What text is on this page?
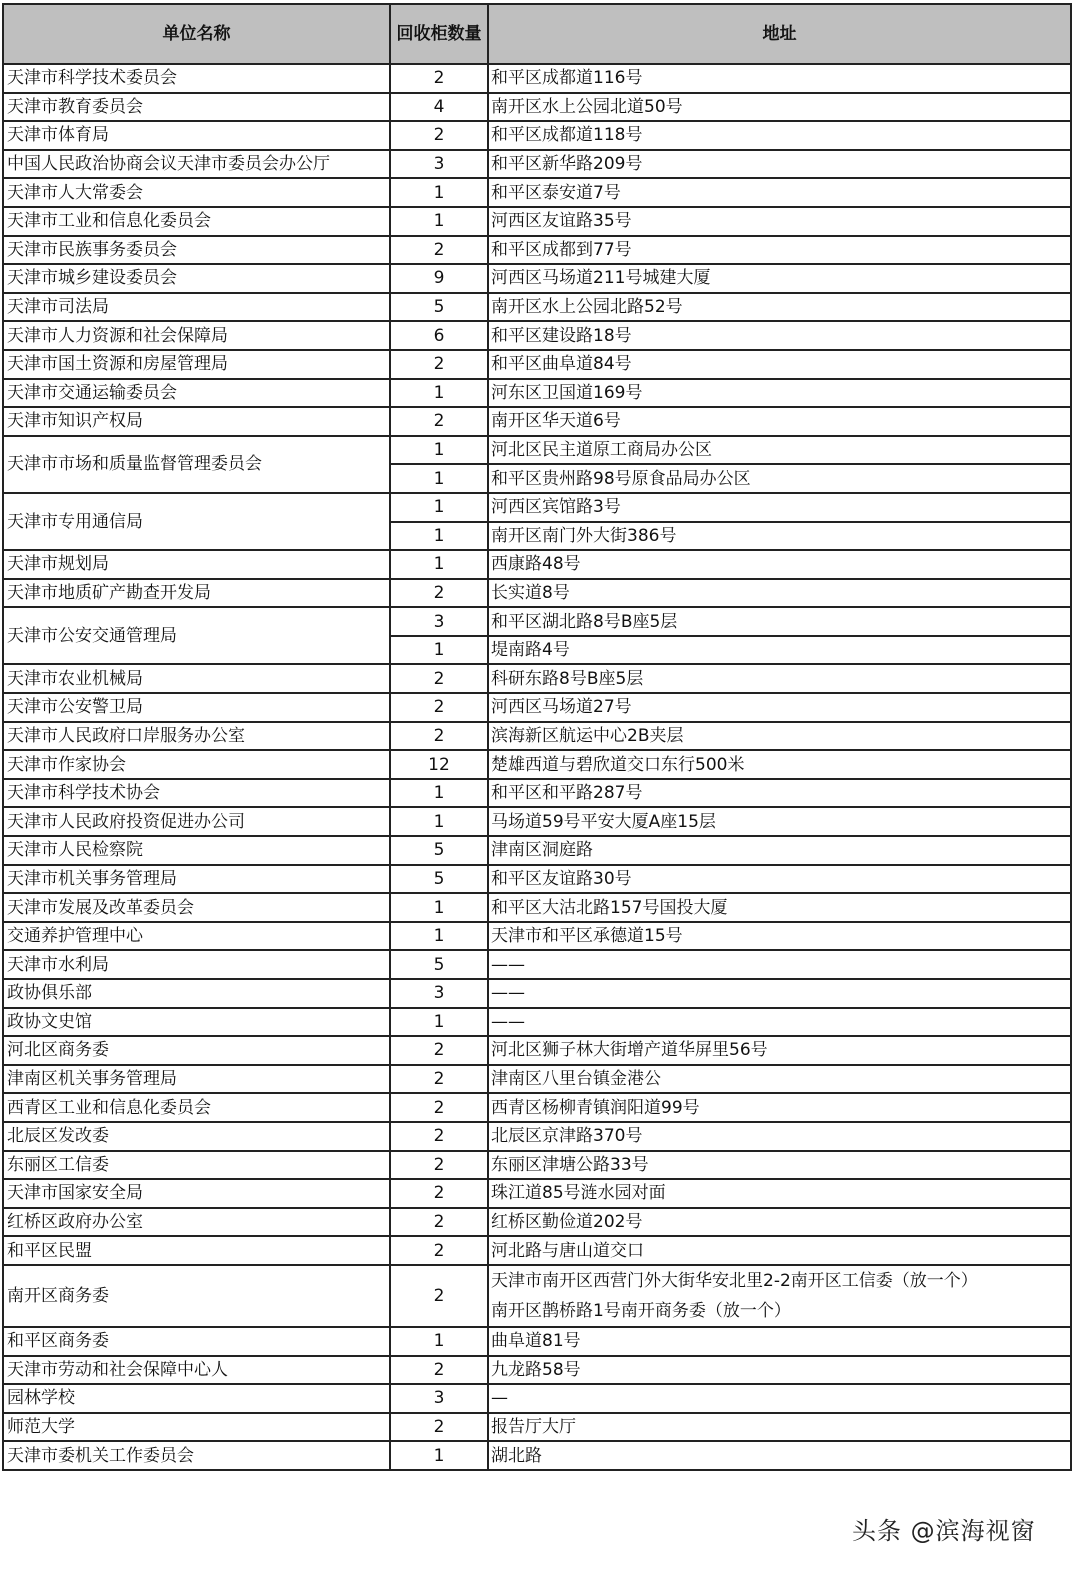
单位名称	回收柜数量	地址
天津市科学技术委员会	2	和平区成都道116号
天津市教育委员会	4	南开区水上公园北道50号
天津市体育局	2	和平区成都道118号
中国人民政治协商会议天津市委员会办公厅	3	和平区新华路209号
天津市人大常委会	1	和平区泰安道7号
天津市工业和信息化委员会	1	河西区友谊路35号
天津市民族事务委员会	2	和平区成都到77号
天津市城乡建设委员会	9	河西区马场道211号城建大厦
天津市司法局	5	南开区水上公园北路52号
天津市人力资源和社会保障局	6	和平区建设路18号
天津市国土资源和房屋管理局	2	和平区曲阜道84号
天津市交通运输委员会	1	河东区卫国道169号
天津市知识产权局	2	南开区华天道6号
天津市市场和质量监督管理委员会	1	河北区民主道原工商局办公区
	1	和平区贵州路98号原食品局办公区
天津市专用通信局	1	河西区宾馆路3号
	1	南开区南门外大街386号
天津市规划局	1	西康路48号
天津市地质矿产勘查开发局	2	长实道8号
天津市公安交通管理局	3	和平区湖北路8号B座5层
	1	堤南路4号
天津市农业机械局	2	科研东路8号B座5层
天津市公安警卫局	2	河西区马场道27号
天津市人民政府口岸服务办公室	2	滨海新区航运中心2B夹层
天津市作家协会	12	楚雄西道与碧欣道交口东行500米
天津市科学技术协会	1	和平区和平路287号
天津市人民政府投资促进办公司	1	马场道59号平安大厦A座15层
天津市人民检察院	5	津南区洞庭路
天津市机关事务管理局	5	和平区友谊路30号
天津市发展及改革委员会	1	和平区大沽北路157号国投大厦
交通养护管理中心	1	天津市和平区承德道15号
天津市水利局	5	——
政协俱乐部	3	——
政协文史馆	1	——
河北区商务委	2	河北区狮子林大街增产道华屏里56号
津南区机关事务管理局	2	津南区八里台镇金港公
西青区工业和信息化委员会	2	西青区杨柳青镇润阳道99号
北辰区发改委	2	北辰区京津路370号
东丽区工信委	2	东丽区津塘公路33号
天津市国家安全局	2	珠江道85号涟水园对面
红桥区政府办公室	2	红桥区勤俭道202号
和平区民盟	2	河北路与唐山道交口
南开区商务委	2	天津市南开区西营门外大街华安北里2-2南开区工信委（放一个）
南开区鹊桥路1号南开商务委（放一个）

和平区商务委	1	曲阜道81号
天津市劳动和社会保障中心人	2	九龙路58号
园林学校	3	—
师范大学	2	报告厅大厅
天津市委机关工作委员会	1	湖北路
头条 @滨海视窗
